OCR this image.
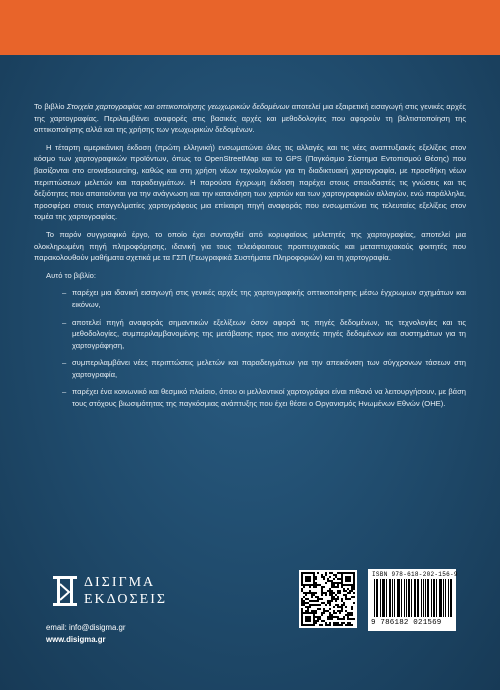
Το βιβλίο Στοιχεία χαρτογραφίας και οπτικοποίησης γεωχωρικών δεδομένων αποτελεί μια εξαιρετική εισαγωγή στις γενικές αρχές της χαρτογραφίας. Περιλαμβάνει αναφορές στις βασικές αρχές και μεθοδολογίες που αφορούν τη βελτιστοποίηση της οπτικοποίησης αλλά και της χρήσης των γεωχωρικών δεδομένων.

Η τέταρτη αμερικάνικη έκδοση (πρώτη ελληνική) ενσωματώνει όλες τις αλλαγές και τις νέες αναπτυξιακές εξελίξεις στον κόσμο των χαρτογραφικών προϊόντων, όπως το OpenStreetMap και το GPS (Παγκόσμιο Σύστημα Εντοπισμού Θέσης) που βασίζονται στο crowdsourcing, καθώς και στη χρήση νέων τεχνολογιών για τη διαδικτυακή χαρτογραφία, με προσθήκη νέων περιπτώσεων μελετών και παραδειγμάτων. Η παρούσα έγχρωμη έκδοση παρέχει στους σπουδαστές τις γνώσεις και τις δεξιότητες που απαιτούνται για την ανάγνωση και την κατανόηση των χαρτών και των χαρτογραφικών αλλαγών, ενώ παράλληλα, προσφέρει στους επαγγελματίες χαρτογράφους μια επίκαιρη πηγή αναφοράς που ενσωματώνει τις τελευταίες εξελίξεις στον τομέα της χαρτογραφίας.

Το παρόν συγγραφικό έργο, το οποίο έχει συνταχθεί από κορυφαίους μελετητές της χαρτογραφίας, αποτελεί μια ολοκληρωμένη πηγή πληροφόρησης, ιδανική για τους τελειόφοιτους προπτυχιακούς και μεταπτυχιακούς φοιτητές που παρακολουθούν μαθήματα σχετικά με τα ΓΣΠ (Γεωγραφικά Συστήματα Πληροφοριών) και τη χαρτογραφία.

Αυτό το βιβλίο:

– παρέχει μια ιδανική εισαγωγή στις γενικές αρχές της χαρτογραφικής οπτικοποίησης μέσω έγχρωμων σχημάτων και εικόνων,
– αποτελεί πηγή αναφοράς σημαντικών εξελίξεων όσον αφορά τις πηγές δεδομένων, τις τεχνολογίες και τις μεθοδολογίες, συμπεριλαμβανομένης της μετάβασης προς πιο ανοιχτές πηγές δεδομένων και συστημάτων για τη χαρτογράφηση,
– συμπεριλαμβάνει νέες περιπτώσεις μελετών και παραδειγμάτων για την απεικόνιση των σύγχρονων τάσεων στη χαρτογραφία,
– παρέχει ένα κοινωνικό και θεσμικό πλαίσιο, όπου οι μελλοντικοί χαρτογράφοι είναι πιθανό να λειτουργήσουν, με βάση τους στόχους βιωσιμότητας της παγκόσμιας ανάπτυξης που έχει θέσει ο Οργανισμός Ηνωμένων Εθνών (ΟΗΕ).
ΔΙΣΙΓΜΑ
ΕΚΔΟΣΕΙΣ
email: info@disigma.gr
www.disigma.gr
ISBN 978-618-202-156-9
9 786182 021569
